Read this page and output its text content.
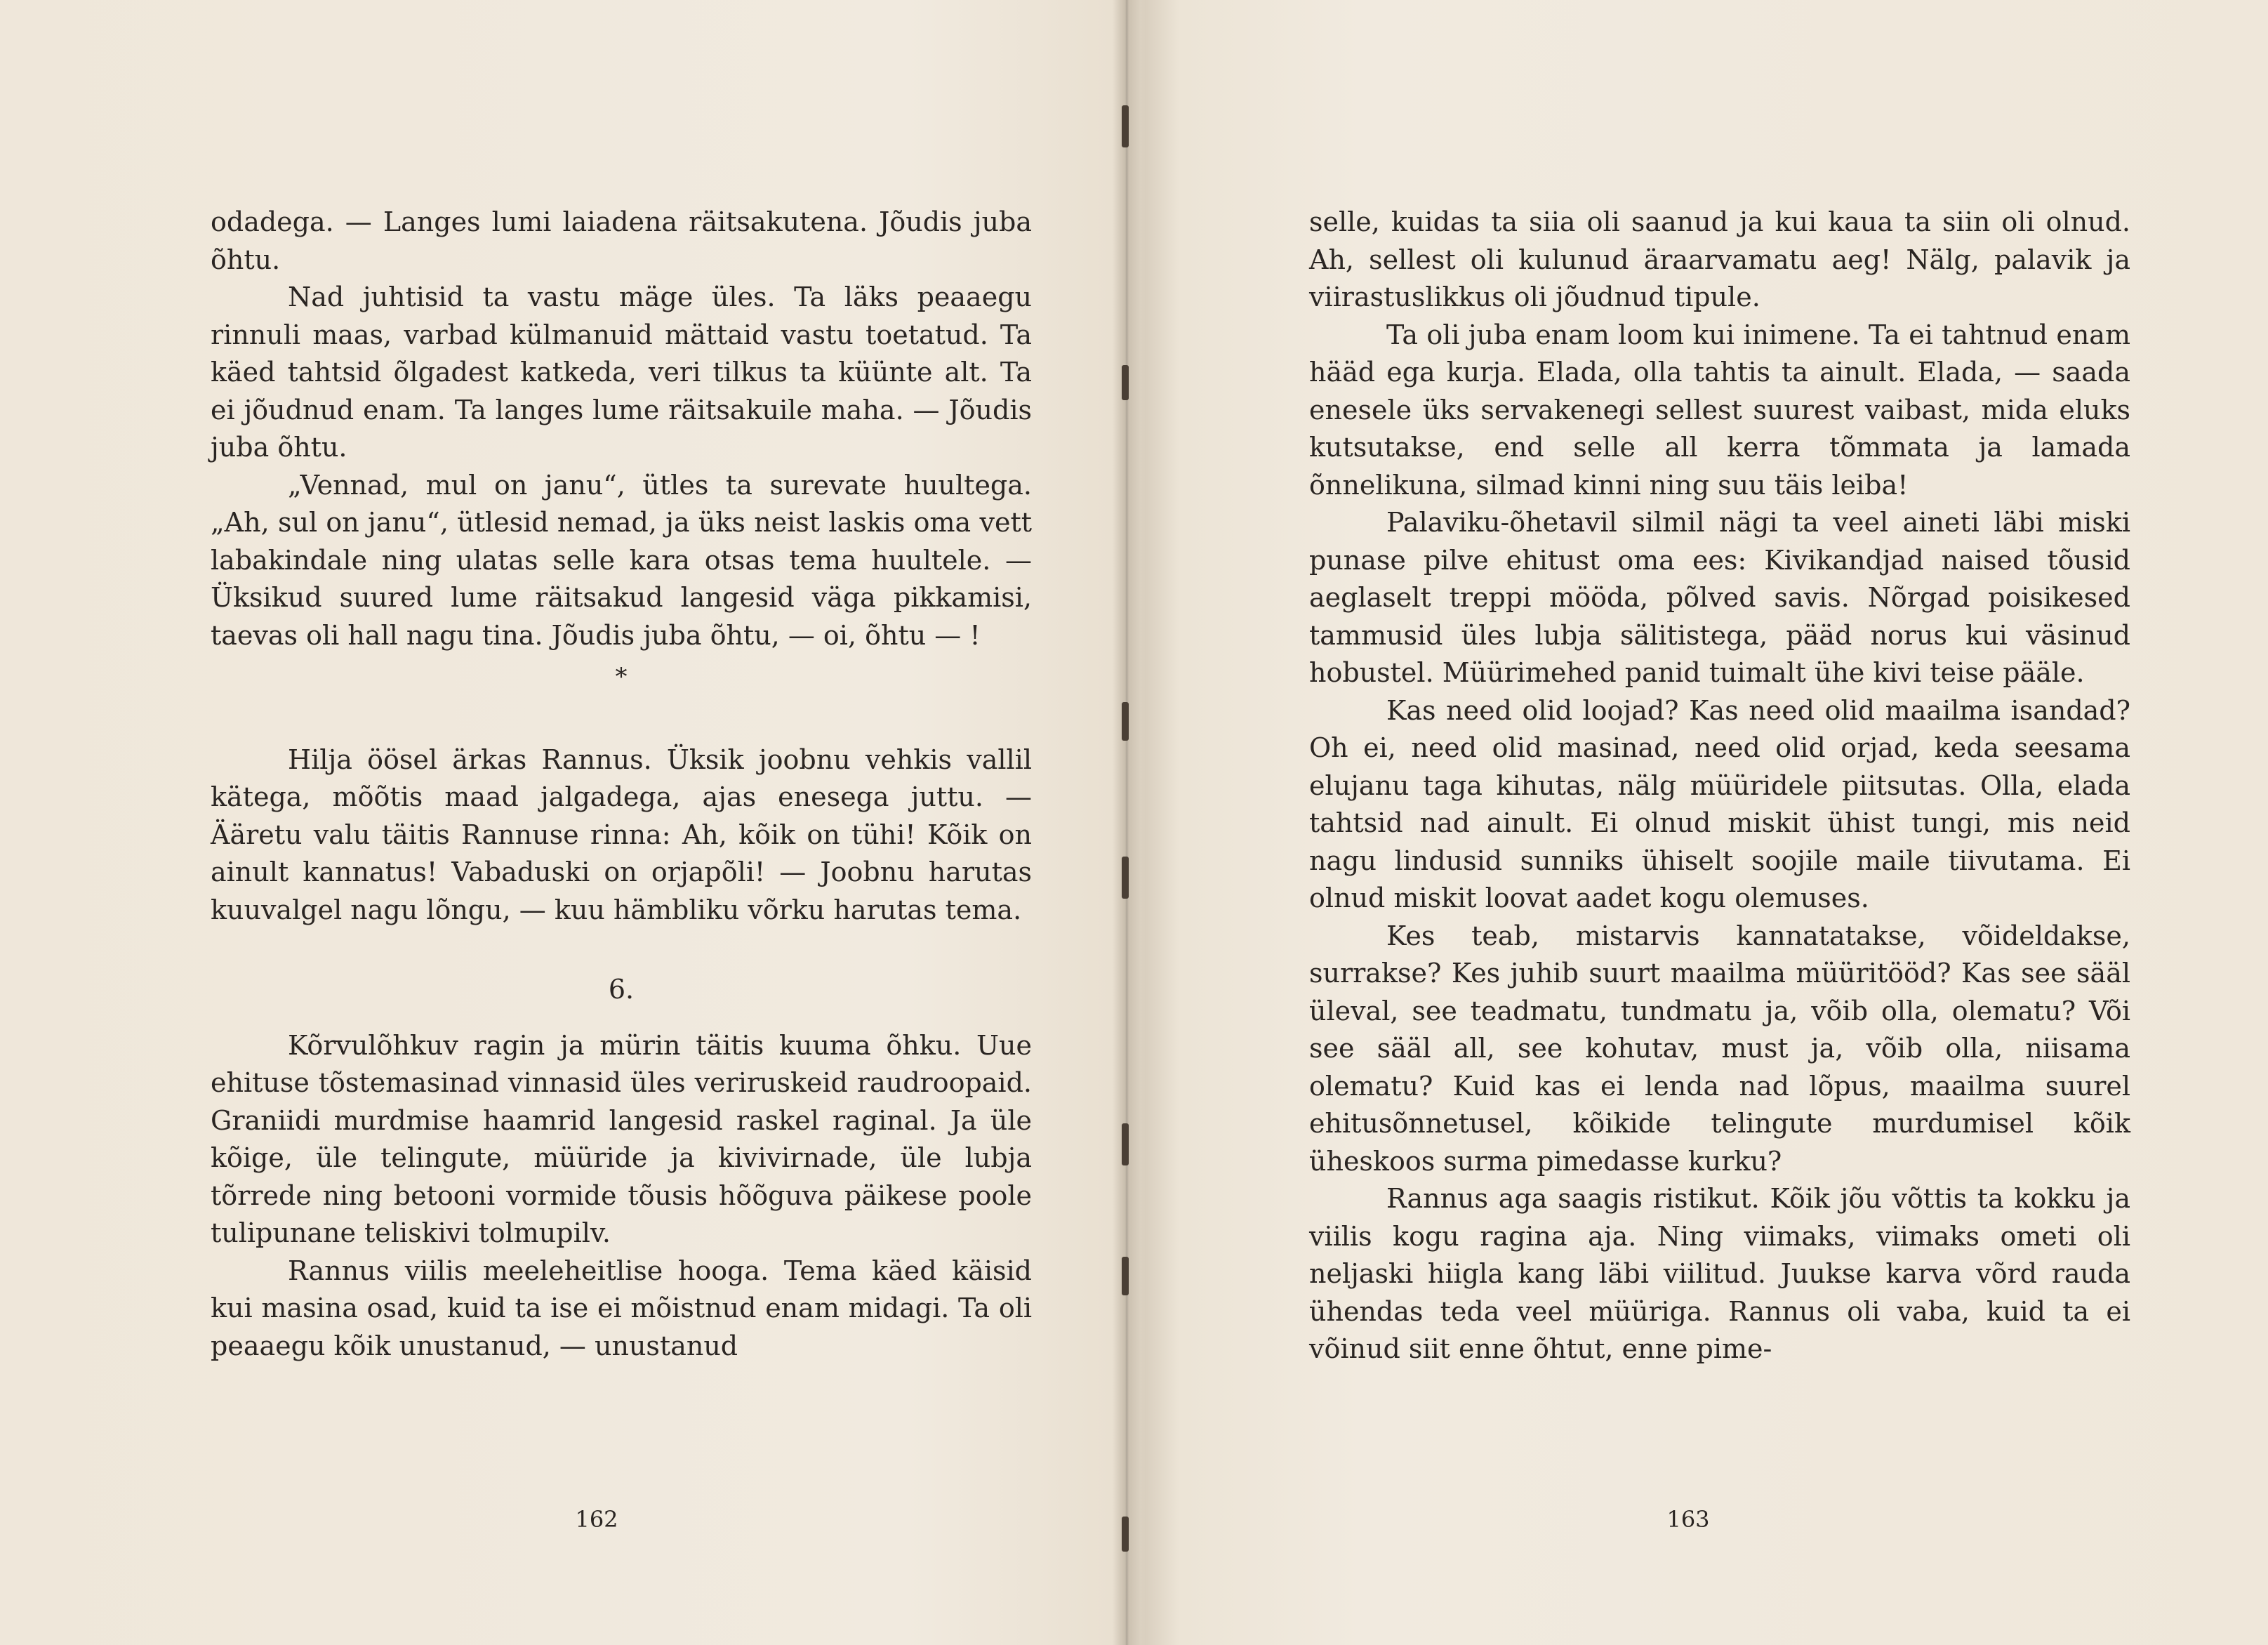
odadega. — Langes lumi laiadena räitsakutena. Jõudis juba õhtu.

Nad juhtisid ta vastu mäge üles. Ta läks peaaegu rinnuli maas, varbad külmanuid mättaid vastu toetatud. Ta käed tahtsid õlgadest katkeda, veri tilkus ta küünte alt. Ta ei jõudnud enam. Ta langes lume räitsakuile maha. — Jõudis juba õhtu.

„Vennad, mul on janu“, ütles ta surevate huultega. „Ah, sul on janu“, ütlesid nemad, ja üks neist laskis oma vett labakindale ning ulatas selle kara otsas tema huultele. — Üksikud suured lume räitsakud langesid väga pikkamisi, taevas oli hall nagu tina. Jõudis juba õhtu, — oi, õhtu — !

*

Hilja öösel ärkas Rannus. Üksik joobnu vehkis vallil kätega, mõõtis maad jalgadega, ajas enesega juttu. — Ääretu valu täitis Rannuse rinna: Ah, kõik on tühi! Kõik on ainult kannatus! Vabaduski on orjapõli! — Joobnu harutas kuuvalgel nagu lõngu, — kuu hämbliku võrku harutas tema.

6.

Kõrvulõhkuv ragin ja mürin täitis kuuma õhku. Uue ehituse tõstemasinad vinnasid üles veriruskeid raudroopaid. Graniidi murdmise haamrid langesid raskel raginal. Ja üle kõige, üle telingute, müüride ja kivivirnade, üle lubja tõrrede ning betooni vormide tõusis hõõguva päikese poole tulipunane teliskivi tolmupilv.

Rannus viilis meeleheitlise hooga. Tema käed käisid kui masina osad, kuid ta ise ei mõistnud enam midagi. Ta oli peaaegu kõik unustanud, — unustanud

162

selle, kuidas ta siia oli saanud ja kui kaua ta siin oli olnud. Ah, sellest oli kulunud äraarvamatu aeg! Nälg, palavik ja viirastuslikkus oli jõudnud tipule.

Ta oli juba enam loom kui inimene. Ta ei tahtnud enam hääd ega kurja. Elada, olla tahtis ta ainult. Elada, — saada enesele üks servakenegi sellest suurest vaibast, mida eluks kutsutakse, end selle all kerra tõmmata ja lamada õnnelikuna, silmad kinni ning suu täis leiba!

Palaviku-õhetavil silmil nägi ta veel aineti läbi miski punase pilve ehitust oma ees: Kivikandjad naised tõusid aeglaselt treppi mööda, põlved savis. Nõrgad poisikesed tammusid üles lubja sälitistega, pääd norus kui väsinud hobustel. Müürimehed panid tuimalt ühe kivi teise pääle.

Kas need olid loojad? Kas need olid maailma isandad? Oh ei, need olid masinad, need olid orjad, keda seesama elujanu taga kihutas, nälg müüridele piitsutas. Olla, elada tahtsid nad ainult. Ei olnud miskit ühist tungi, mis neid nagu lindusid sunniks ühiselt soojile maile tiivutama. Ei olnud miskit loovat aadet kogu olemuses.

Kes teab, mistarvis kannatatakse, võideldakse, surrakse? Kes juhib suurt maailma müüritööd? Kas see sääl üleval, see teadmatu, tundmatu ja, võib olla, olematu? Või see sääl all, see kohutav, must ja, võib olla, niisama olematu? Kuid kas ei lenda nad lõpus, maailma suurel ehitusõnnetusel, kõikide telingute murdumisel kõik üheskoos surma pimedasse kurku?

Rannus aga saagis ristikut. Kõik jõu võttis ta kokku ja viilis kogu ragina aja. Ning viimaks, viimaks ometi oli neljaski hiigla kang läbi viilitud. Juukse karva võrd rauda ühendas teda veel müüriga. Rannus oli vaba, kuid ta ei võinud siit enne õhtut, enne pime-

163
